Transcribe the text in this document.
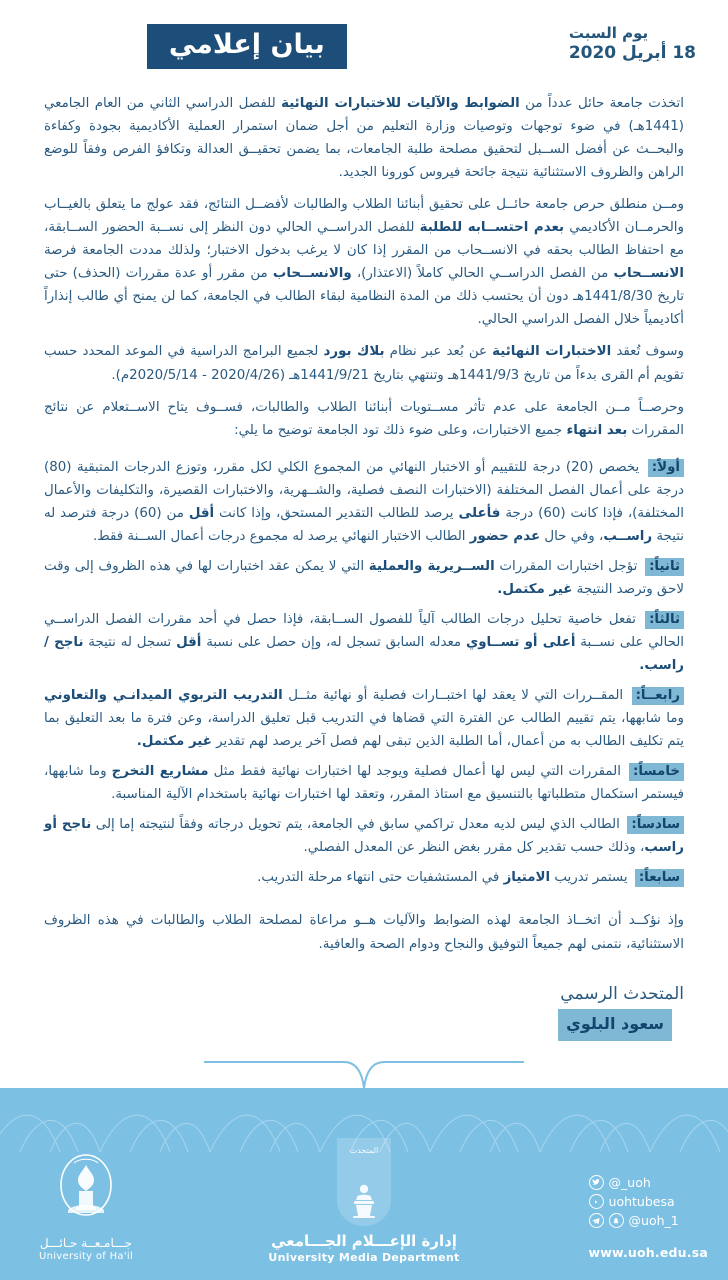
يوم السبت
18 أبريل 2020
بيان إعلامي

اتخذت جامعة حائل عدداً من الضوابط والآليات للاختبارات النهائية للفصل الدراسي الثاني من العام الجامعي (1441هـ) في ضوء توجهات وتوصيات وزارة التعليم من أجل ضمان استمرار العملية الأكاديمية بجودة وكفاءة والبحــث عن أفضل الســبل لتحقيق مصلحة طلبة الجامعات، بما يضمن تحقيــق العدالة وتكافؤ الفرص وفقاً للوضع الراهن والظروف الاستثنائية نتيجة جائحة فيروس كورونا الجديد.

ومــن منطلق حرص جامعة حائــل على تحقيق أبنائنا الطلاب والطالبات لأفضــل النتائج، فقد عولج ما يتعلق بالغيــاب والحرمــان الأكاديمي بعدم احتســابه للطلبة للفصل الدراســي الحالي دون النظر إلى نســبة الحضور الســابقة، مع احتفاظ الطالب بحقه في الانســحاب من المقرر إذا كان لا يرغب بدخول الاختبار؛ ولذلك مددت الجامعة فرصة الانســحاب من الفصل الدراســي الحالي كاملاً (الاعتذار)، والانســحاب من مقرر أو عدة مقررات (الحذف) حتى تاريخ 1441/8/30هـ دون أن يحتسب ذلك من المدة النظامية لبقاء الطالب في الجامعة، كما لن يمنح أي طالب إنذاراً أكاديمياً خلال الفصل الدراسي الحالي.

وسوف تُعقد الاختبارات النهائية عن بُعد عبر نظام بلاك بورد لجميع البرامج الدراسية في الموعد المحدد حسب تقويم أم القرى بدءاً من تاريخ 1441/9/3هـ وتنتهي بتاريخ 1441/9/21هـ (2020/4/26 - 2020/5/14م).

وحرصــاً مــن الجامعة على عدم تأثر مســتويات أبنائنا الطلاب والطالبات، فســوف يتاح الاســتعلام عن نتائج المقررات بعد انتهاء جميع الاختبارات، وعلى ضوء ذلك تود الجامعة توضيح ما يلي:

أولاً: يخصص (20) درجة للتقييم أو الاختبار النهائي من المجموع الكلي لكل مقرر، وتوزع الدرجات المتبقية (80) درجة على أعمال الفصل المختلفة (الاختبارات النصف فصلية، والشــهرية، والاختبارات القصيرة، والتكليفات والأعمال المختلفة)، فإذا كانت (60) درجة فأعلى يرصد للطالب التقدير المستحق، وإذا كانت أقل من (60) درجة فترصد له نتيجة راســب، وفي حال عدم حضور الطالب الاختبار النهائي يرصد له مجموع درجات أعمال الســنة فقط.

ثانياً: تؤجل اختبارات المقررات الســريرية والعملية التي لا يمكن عقد اختبارات لها في هذه الظروف إلى وقت لاحق وترصد النتيجة غير مكتمل.

ثالثاً: تفعل خاصية تحليل درجات الطالب آلياً للفصول الســابقة، فإذا حصل في أحد مقررات الفصل الدراســي الحالي على نســبة أعلى أو تســاوي معدله السابق تسجل له، وإن حصل على نسبة أقل تسجل له نتيجة ناجح / راسب.

رابعــاً: المقــررات التي لا يعقد لها اختبــارات فصلية أو نهائية مثــل التدريب التربوي الميدانـي والتعاوني وما شابهها، يتم تقييم الطالب عن الفترة التي قضاها في التدريب قبل تعليق الدراسة، وعن فترة ما بعد التعليق بما يتم تكليف الطالب به من أعمال، أما الطلبة الذين تبقى لهم فصل آخر يرصد لهم تقدير غير مكتمل.

خامساً: المقررات التي ليس لها أعمال فصلية ويوجد لها اختبارات نهائية فقط مثل مشاريع التخرج وما شابهها، فيستمر استكمال متطلباتها بالتنسيق مع استاذ المقرر، وتعقد لها اختبارات نهائية باستخدام الآلية المناسبة.

سادساً: الطالب الذي ليس لديه معدل تراكمي سابق في الجامعة، يتم تحويل درجاته وفقاً لنتيجته إما إلى ناجح أو راسب، وذلك حسب تقدير كل مقرر بغض النظر عن المعدل الفصلي.

سابعاً: يستمر تدريب الامتياز في المستشفيات حتى انتهاء مرحلة التدريب.

وإذ نؤكــد أن اتخــاذ الجامعة لهذه الضوابط والآليات هــو مراعاة لمصلحة الطلاب والطالبات في هذه الظروف الاستثنائية، نتمنى لهم جميعاً التوفيق والنجاح ودوام الصحة والعافية.

المتحدث الرسمي
سعود البلوي
@_uoh
uohtubesa
@uoh_1
www.uoh.edu.sa
المتحدث
إدارة الإعـــلام الجـــامعي
University Media Department
جـــامـعــة حـائـــل
University of Ha'il
